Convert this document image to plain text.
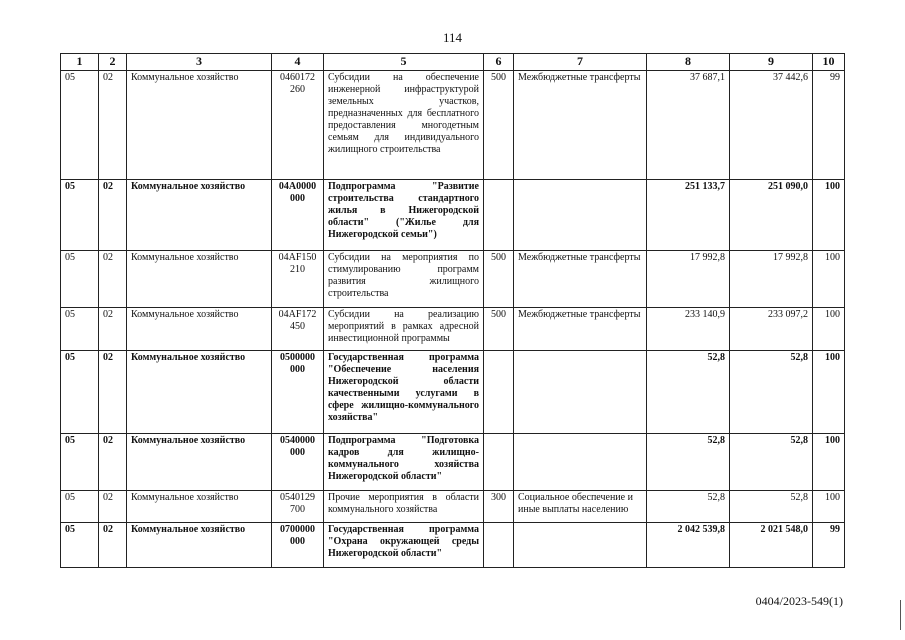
114
1	2	3	4	5	6	7	8	9	10
05	02	Коммунальное хозяйство	0460172 260	Субсидии на обеспечение инженерной инфраструктурой земельных участков, предназначенных для бесплатного предоставления многодетным семьям для индивидуального жилищного строительства	500	Межбюджетные трансферты	37 687,1	37 442,6	99
05	02	Коммунальное хозяйство	04А0000 000	Подпрограмма "Развитие строительства стандартного жилья в Нижегородской области" ("Жилье для Нижегородской семьи")			251 133,7	251 090,0	100
05	02	Коммунальное хозяйство	04АF150 210	Субсидии на мероприятия по стимулированию программ развития жилищного строительства	500	Межбюджетные трансферты	17 992,8	17 992,8	100
05	02	Коммунальное хозяйство	04АF172 450	Субсидии на реализацию мероприятий в рамках адресной инвестиционной программы	500	Межбюджетные трансферты	233 140,9	233 097,2	100
05	02	Коммунальное хозяйство	0500000 000	Государственная программа "Обеспечение населения Нижегородской области качественными услугами в сфере жилищно-коммунального хозяйства"			52,8	52,8	100
05	02	Коммунальное хозяйство	0540000 000	Подпрограмма "Подготовка кадров для жилищно-коммунального хозяйства Нижегородской области"			52,8	52,8	100
05	02	Коммунальное хозяйство	0540129 700	Прочие мероприятия в области коммунального хозяйства	300	Социальное обеспечение и иные выплаты населению	52,8	52,8	100
05	02	Коммунальное хозяйство	0700000 000	Государственная программа "Охрана окружающей среды Нижегородской области"			2 042 539,8	2 021 548,0	99
0404/2023-549(1)
